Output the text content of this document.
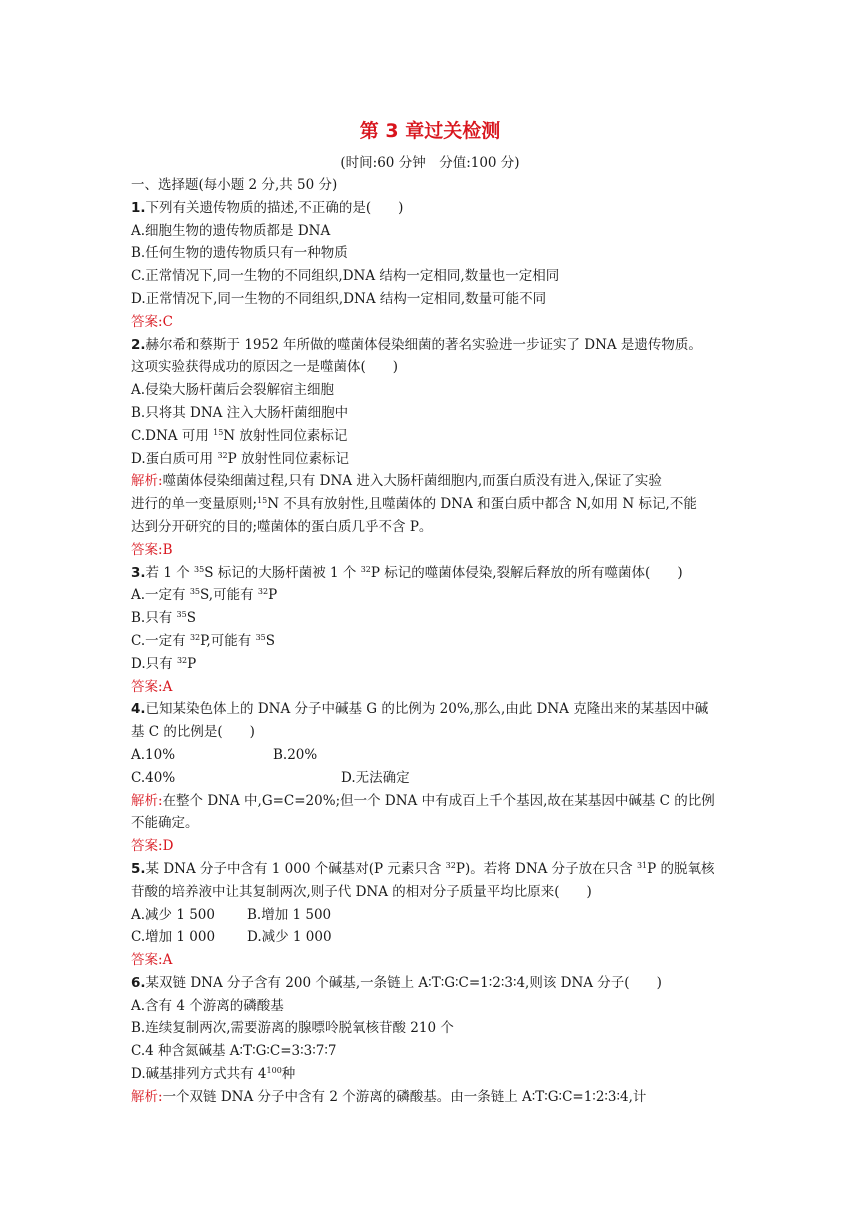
第 3 章过关检测
(时间:60 分钟　分值:100 分)
一、选择题(每小题 2 分,共 50 分)
1.下列有关遗传物质的描述,不正确的是(　　)
A.细胞生物的遗传物质都是 DNA
B.任何生物的遗传物质只有一种物质
C.正常情况下,同一生物的不同组织,DNA 结构一定相同,数量也一定相同
D.正常情况下,同一生物的不同组织,DNA 结构一定相同,数量可能不同
答案:C
2.赫尔希和蔡斯于 1952 年所做的噬菌体侵染细菌的著名实验进一步证实了 DNA 是遗传物质。
这项实验获得成功的原因之一是噬菌体(　　)
A.侵染大肠杆菌后会裂解宿主细胞
B.只将其 DNA 注入大肠杆菌细胞中
C.DNA 可用 $^{15}$N 放射性同位素标记
D.蛋白质可用 $^{32}$P 放射性同位素标记
解析:噬菌体侵染细菌过程,只有 DNA 进入大肠杆菌细胞内,而蛋白质没有进入,保证了实验
进行的单一变量原则;$^{15}$N 不具有放射性,且噬菌体的 DNA 和蛋白质中都含 N,如用 N 标记,不能
达到分开研究的目的;噬菌体的蛋白质几乎不含 P。
答案:B
3.若 1 个 $^{35}$S 标记的大肠杆菌被 1 个 $^{32}$P 标记的噬菌体侵染,裂解后释放的所有噬菌体(　　)
A.一定有 $^{35}$S,可能有 $^{32}$P
B.只有 $^{35}$S
C.一定有 $^{32}$P,可能有 $^{35}$S
D.只有 $^{32}$P
答案:A
4.已知某染色体上的 DNA 分子中碱基 G 的比例为 20%,那么,由此 DNA 克隆出来的某基因中碱
基 C 的比例是(　　)
A.10%	B.20%
C.40%	D.无法确定
解析:在整个 DNA 中,G=C=20%;但一个 DNA 中有成百上千个基因,故在某基因中碱基 C 的比例
不能确定。
答案:D
5.某 DNA 分子中含有 1 000 个碱基对(P 元素只含 $^{32}$P)。若将 DNA 分子放在只含 $^{31}$P 的脱氧核
苷酸的培养液中让其复制两次,则子代 DNA 的相对分子质量平均比原来(　　)
A.减少 1 500 B.增加 1 500
C.增加 1 000 D.减少 1 000
答案:A
6.某双链 DNA 分子含有 200 个碱基,一条链上 A∶T∶G∶C=1∶2∶3∶4,则该 DNA 分子(　　)
A.含有 4 个游离的磷酸基
B.连续复制两次,需要游离的腺嘌呤脱氧核苷酸 210 个
C.4 种含氮碱基 A∶T∶G∶C=3∶3∶7∶7
D.碱基排列方式共有 $4^{100}$种
解析:一个双链 DNA 分子中含有 2 个游离的磷酸基。由一条链上 A∶T∶G∶C=1∶2∶3∶4,计
